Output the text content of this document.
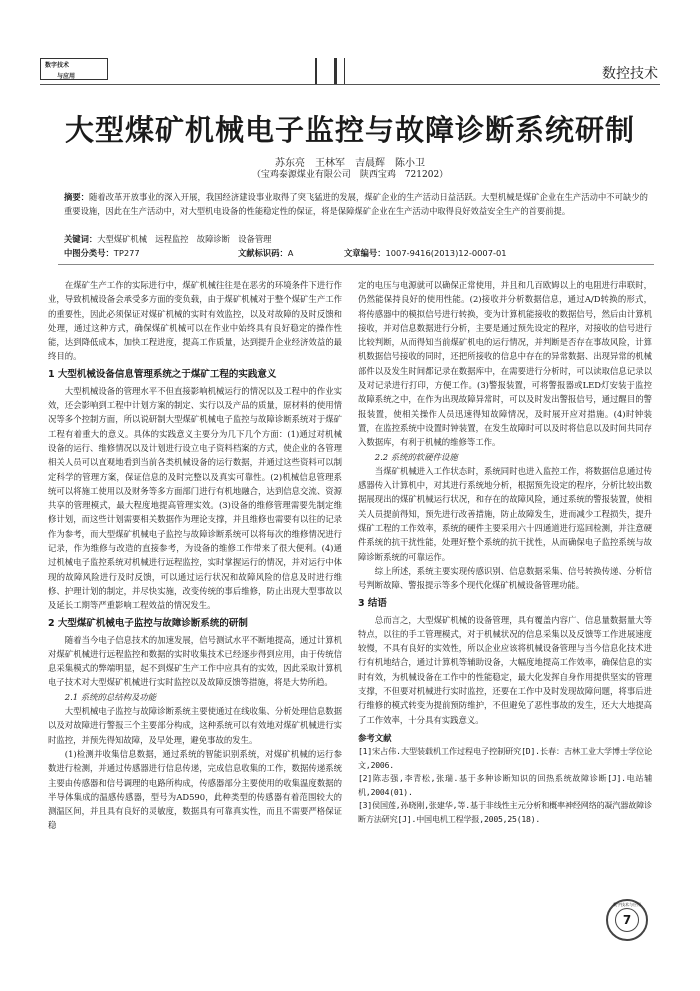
数字技术
与应用	数控技术
大型煤矿机械电子监控与故障诊断系统研制
苏东亮　王林军　吉晨辉　陈小卫
（宝鸡泰源煤业有限公司　陕西宝鸡　721202）
摘要：随着改革开放事业的深入开展，我国经济建设事业取得了突飞猛进的发展，煤矿企业的生产活动日益活跃。大型机械是煤矿企业在生产活动中不可缺少的重要设施，因此在生产活动中，对大型机电设备的性能稳定性的保证，将是保障煤矿企业在生产活动中取得良好效益安全生产的首要前提。
关键词：大型煤矿机械　远程监控　故障诊断　设备管理
中图分类号：TP277	文献标识码：A	文章编号：1007-9416(2013)12-0007-01

在煤矿生产工作的实际进行中，煤矿机械往往是在恶劣的环境条件下进行作业，导致机械设备会承受多方面的变负载，由于煤矿机械对于整个煤矿生产工作的重要性，因此必须保证对煤矿机械的实时有效监控，以及对故障的及时反馈和处理，通过这种方式，确保煤矿机械可以在作业中始终具有良好稳定的操作性能，达到降低成本，加快工程进度，提高工作质量，达到提升企业经济效益的最终目的。

1 大型机械设备信息管理系统之于煤矿工程的实践意义

大型机械设备的管理水平不但直接影响机械运行的情况以及工程中的作业实效，还会影响到工程中计划方案的制定、实行以及产品的质量，原材料的使用情况等多个控制方面，所以说研制大型煤矿机械电子监控与故障诊断系统对于煤矿工程有着重大的意义。具体的实践意义主要分为几下几个方面：(1)通过对机械设备的运行、维修情况以及计划进行设立电子资料档案的方式，使企业的各管理相关人员可以直观地看到当前各类机械设备的运行数据，并通过这些资料可以制定科学的管理方案，保证信息的及时完整以及真实可靠性。(2)机械信息管理系统可以将施工使用以及财务等多方面部门进行有机地融合，达到信息交流、资源共享的管理模式，最大程度地提高管理实效。(3)设备的维修管理需要先制定维修计划，而这些计划需要相关数据作为理论支撑，并且维修也需要有以往的记录作为参考，而大型煤矿机械电子监控与故障诊断系统可以将每次的维修情况进行记录，作为维修与改造的直接参考，为设备的维修工作带来了很大便利。(4)通过机械电子监控系统对机械进行远程监控，实时掌握运行的情况，并对运行中体现的故障风险进行及时反馈，可以通过运行状况和故障风险的信息及时进行维修、护理计划的制定，并尽快实施，改变传统的事后维修，防止出现大型事故以及延长工期等严重影响工程效益的情况发生。

2 大型煤矿机械电子监控与故障诊断系统的研制

随着当今电子信息技术的加速发展，信号测试水平不断地提高，通过计算机对煤矿机械进行远程监控和数据的实时收集技术已经逐步得到应用，由于传统信息采集模式的弊端明显，起不到煤矿生产工作中应具有的实效，因此采取计算机电子技术对大型煤矿机械进行实时监控以及故障反馈等措施，将是大势所趋。

2.1 系统的总结构及功能

大型机械电子监控与故障诊断系统主要使通过在线收集、分析处理信息数据以及对故障进行警报三个主要部分构成，这种系统可以有效地对煤矿机械进行实时监控，并预先得知故障，及早处理，避免事故的发生。

(1)检测并收集信息数据，通过系统的智能识别系统，对煤矿机械的运行参数进行检测，并通过传感器进行信息传递，完成信息收集的工作，数据传递系统主要由传感器和信号调理的电路所构成，传感器部分主要使用的收集温度数据的半导体集成的温感传感器，型号为AD590，此种类型的传感器有着范围较大的测温区间，并且具有良好的灵敏度，数据具有可靠真实性，而且不需要严格保证稳

定的电压与电源就可以确保正常使用，并且和几百欧姆以上的电阻进行串联时，仍然能保持良好的使用性能。(2)接收并分析数据信息，通过A/D转换的形式，将传感器中的模拟信号进行转换，变为计算机能接收的数据信号，然后由计算机接收，并对信息数据进行分析，主要是通过预先设定的程序，对接收的信号进行比较判断，从而得知当前煤矿机电的运行情况，并判断是否存在事故风险，计算机数据信号接收的同时，还把所接收的信息中存在的异常数据、出现异常的机械部件以及发生时间都记录在数据库中，在需要进行分析时，可以读取信息记录以及对记录进行打印，方便工作。(3)警报装置，可将警报器或LED灯安装于监控故障系统之中，在作为出现故障异常时，可以及时发出警报信号，通过醒目的警报装置，使相关操作人员迅速得知故障情况，及时展开应对措施。(4)时钟装置，在监控系统中设置时钟装置，在发生故障时可以及时将信息以及时间共同存入数据库，有利于机械的维修等工作。

2.2 系统的软硬件设施

当煤矿机械进入工作状态时，系统同时也进入监控工作，将数据信息通过传感器传入计算机中，对其进行系统地分析，根据预先设定的程序，分析比较出数据展现出的煤矿机械运行状况，和存在的故障风险，通过系统的警报装置，使相关人员提前得知，预先进行改善措施，防止故障发生，进而减少工程损失，提升煤矿工程的工作效率，系统的硬件主要采用六十四通道进行巡回检测，并注意硬件系统的抗干扰性能，处理好整个系统的抗干扰性，从而确保电子监控系统与故障诊断系统的可靠运作。

综上所述，系统主要实现传感识别、信息数据采集、信号转换传递、分析信号判断故障、警报提示等多个现代化煤矿机械设备管理功能。

3 结语

总而言之，大型煤矿机械的设备管理，具有覆盖内容广、信息量数据量大等特点，以往的手工管理模式，对于机械状况的信息采集以及反馈等工作进展速度较慢，不具有良好的实效性，所以企业应该将机械设备管理与当今信息化技术进行有机地结合，通过计算机等辅助设备，大幅度地提高工作效率，确保信息的实时有效，为机械设备在工作中的性能稳定，最大化发挥自身作用提供坚实的管理支撑，不但要对机械进行实时监控，还要在工作中及时发现故障问题，将事后进行维修的模式转变为提前预防维护，不但避免了恶性事故的发生，还大大地提高了工作效率，十分具有实践意义。

参考文献
[1]宋占伟.大型装载机工作过程电子控制研究[D].长春：吉林工业大学博士学位论文,2006.
[2]陈志强,李青松,张瑞.基于多种诊断知识的回热系统故障诊断[J].电站辅机,2004(01).
[3]侯国莲,孙晓刚,张建华,等.基于非线性主元分析和概率神经网络的凝汽器故障诊断方法研究[J].中国电机工程学报,2005,25(18).
数字技术与应用
7
